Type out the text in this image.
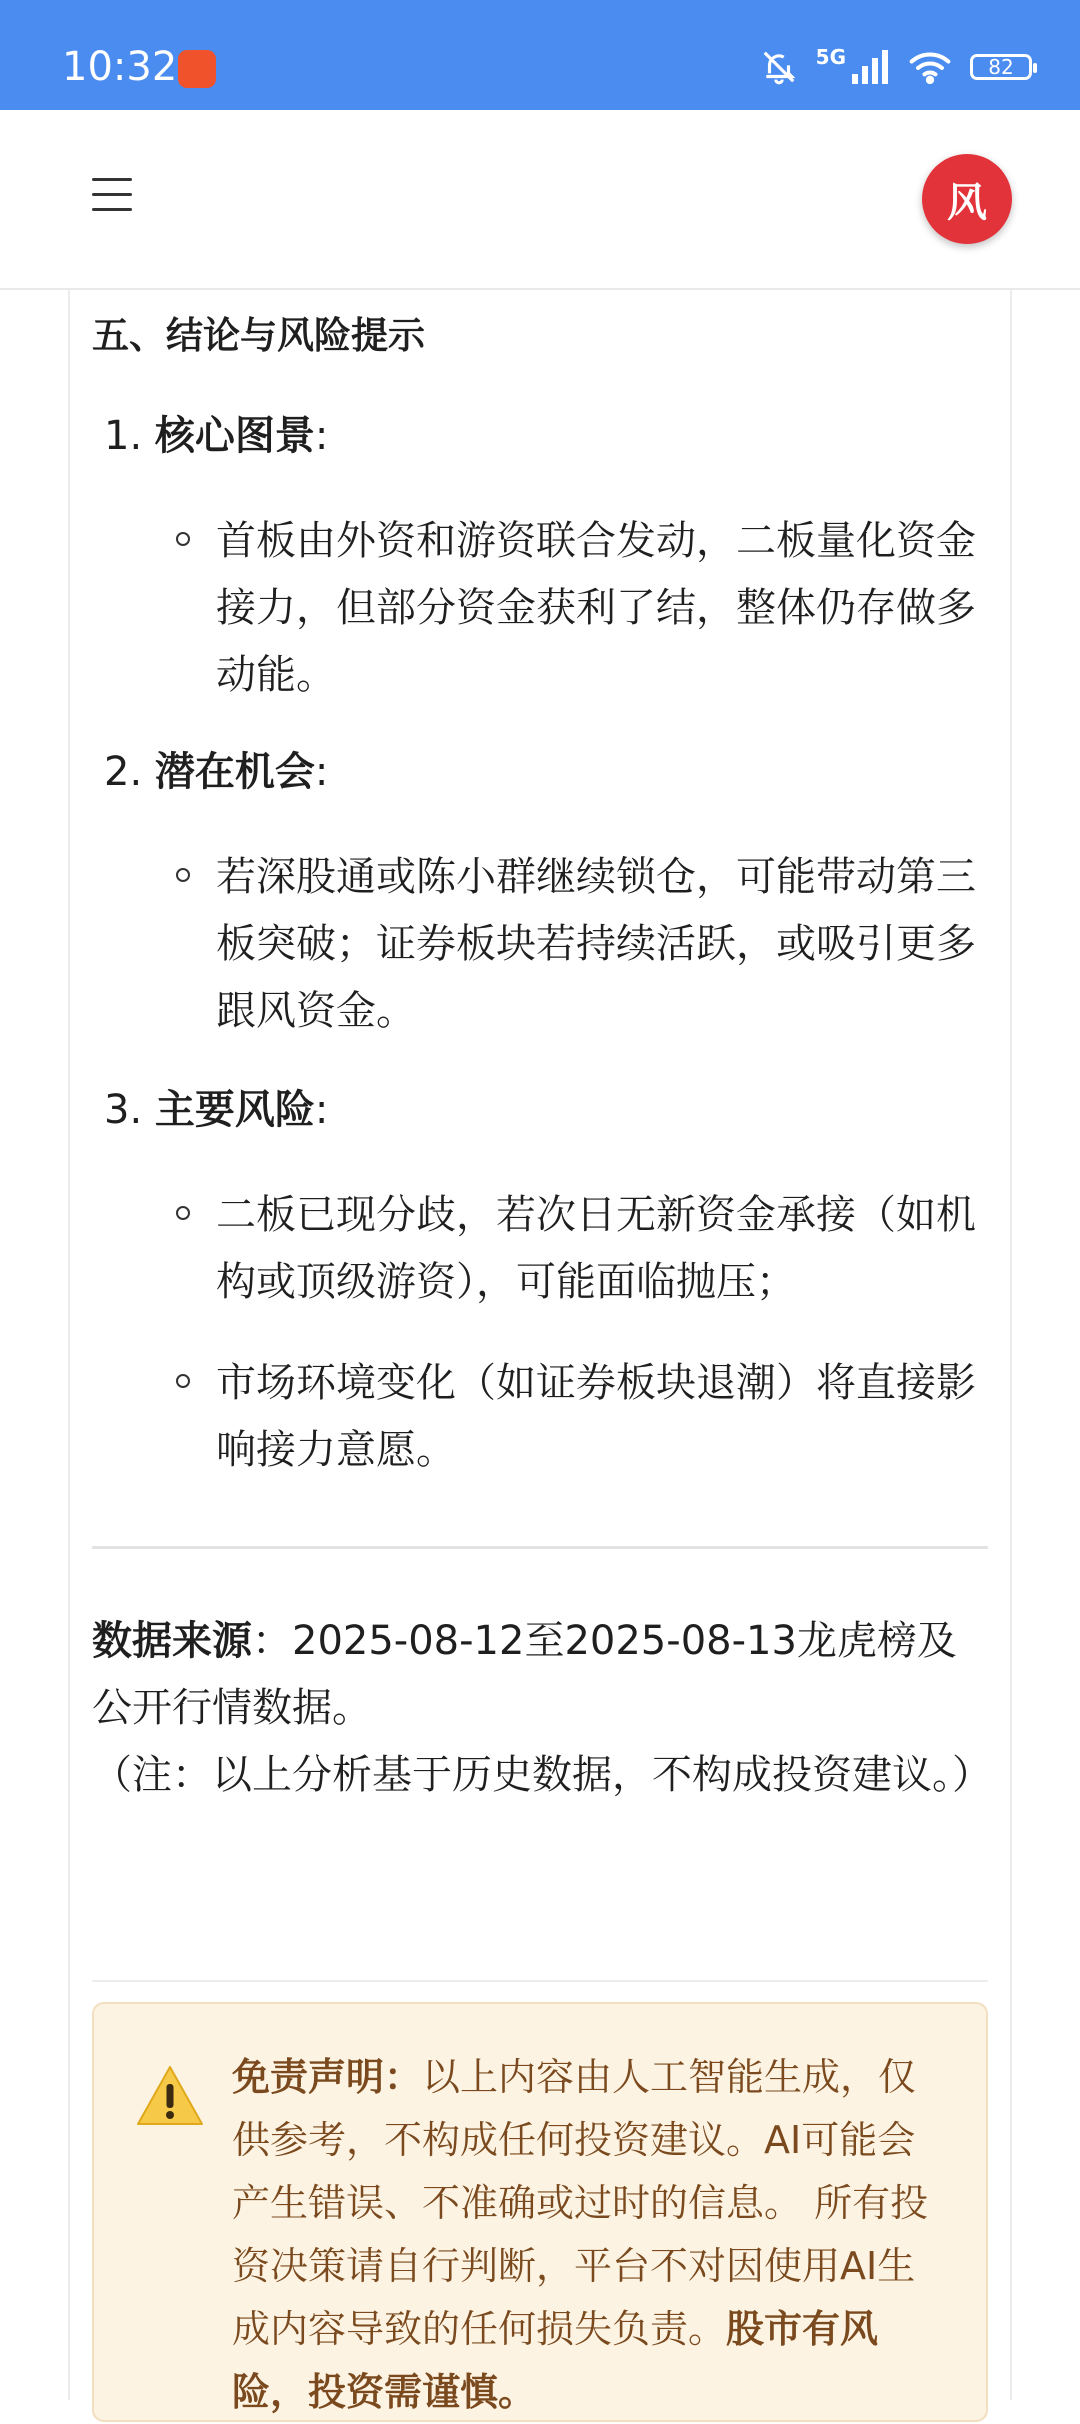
10:32	5G	82
风
五、结论与风险提示
1. 核心图景:
首板由外资和游资联合发动，二板量化资金接力，但部分资金获利了结，整体仍存做多动能。
2. 潜在机会:
若深股通或陈小群继续锁仓，可能带动第三板突破；证券板块若持续活跃，或吸引更多跟风资金。
3. 主要风险:
二板已现分歧，若次日无新资金承接（如机构或顶级游资），可能面临抛压；
市场环境变化（如证券板块退潮）将直接影响接力意愿。
数据来源：2025-08-12至2025-08-13龙虎榜及公开行情数据。
（注：以上分析基于历史数据，不构成投资建议。）
免责声明：以上内容由人工智能生成，仅供参考，不构成任何投资建议。AI可能会产生错误、不准确或过时的信息。 所有投资决策请自行判断，平台不对因使用AI生成内容导致的任何损失负责。股市有风险，投资需谨慎。
